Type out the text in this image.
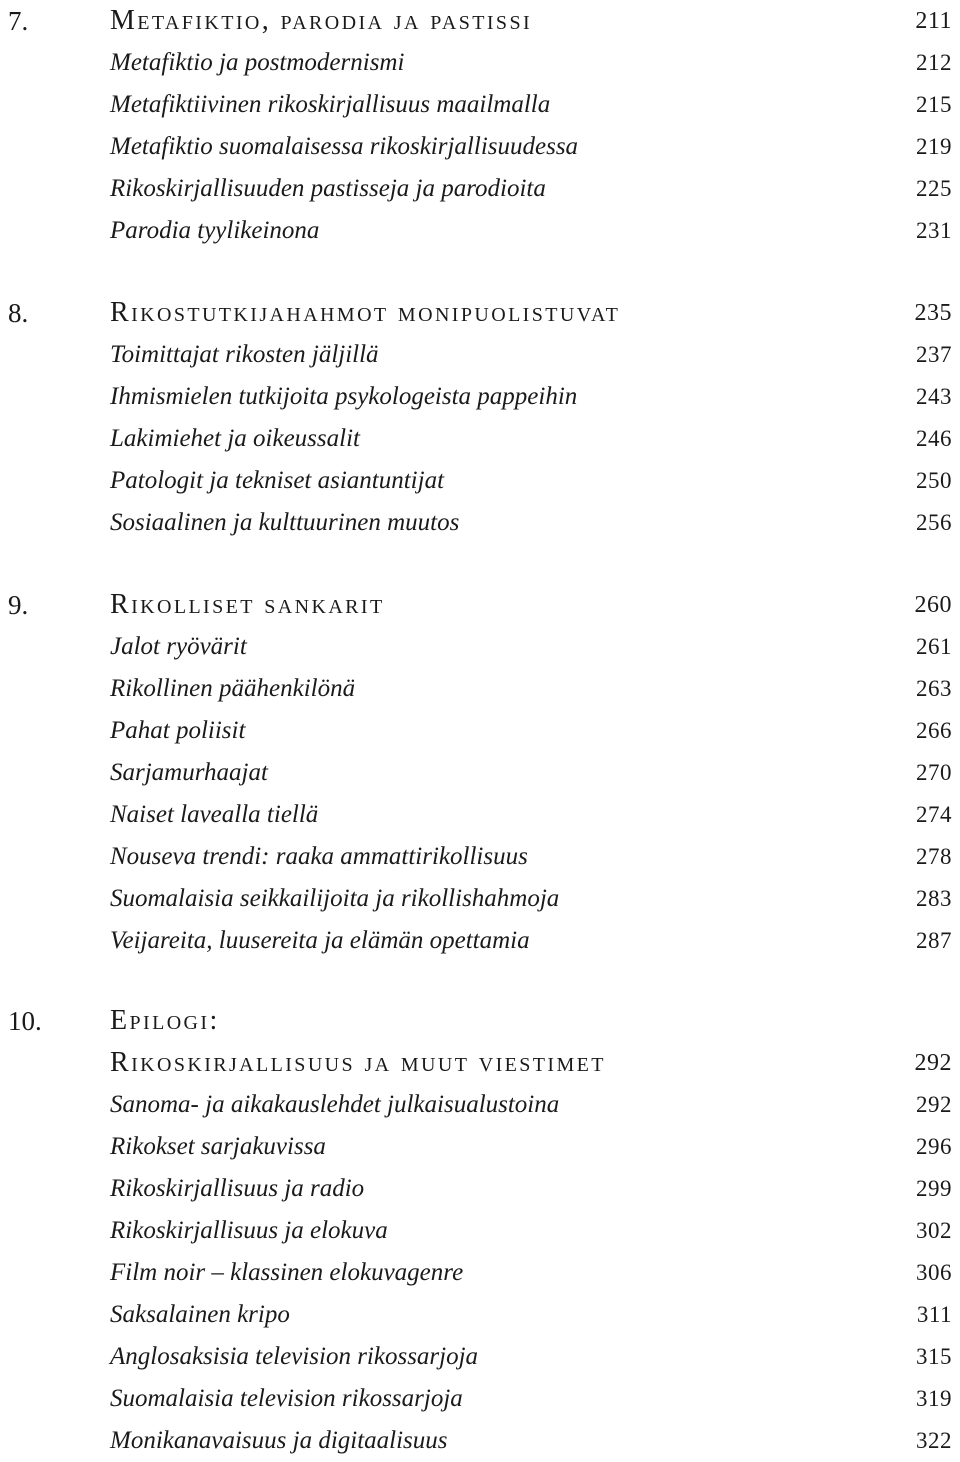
7.	Metafiktio, parodia ja pastissi	211
Metafiktio ja postmodernismi	212
Metafiktiivinen rikoskirjallisuus maailmalla	215
Metafiktio suomalaisessa rikoskirjallisuudessa	219
Rikoskirjallisuuden pastisseja ja parodioita	225
Parodia tyylikeinona	231
8.	Rikostutkijahahmot monipuolistuvat	235
Toimittajat rikosten jäljillä	237
Ihmismielen tutkijoita psykologeista pappeihin	243
Lakimiehet ja oikeussalit	246
Patologit ja tekniset asiantuntijat	250
Sosiaalinen ja kulttuurinen muutos	256
9.	Rikolliset sankarit	260
Jalot ryövärit	261
Rikollinen päähenkilönä	263
Pahat poliisit	266
Sarjamurhaajat	270
Naiset lavealla tiellä	274
Nouseva trendi: raaka ammattirikollisuus	278
Suomalaisia seikkailijoita ja rikollishahmoja	283
Veijareita, luusereita ja elämän opettamia	287
10. Epilogi:
Rikoskirjallisuus ja muut viestimet	292
Sanoma- ja aikakauslehdet julkaisualustoina	292
Rikokset sarjakuvissa	296
Rikoskirjallisuus ja radio	299
Rikoskirjallisuus ja elokuva	302
Film noir – klassinen elokuvagenre	306
Saksalainen kripo	311
Anglosaksisia television rikossarjoja	315
Suomalaisia television rikossarjoja	319
Monikanavaisuus ja digitaalisuus	322
